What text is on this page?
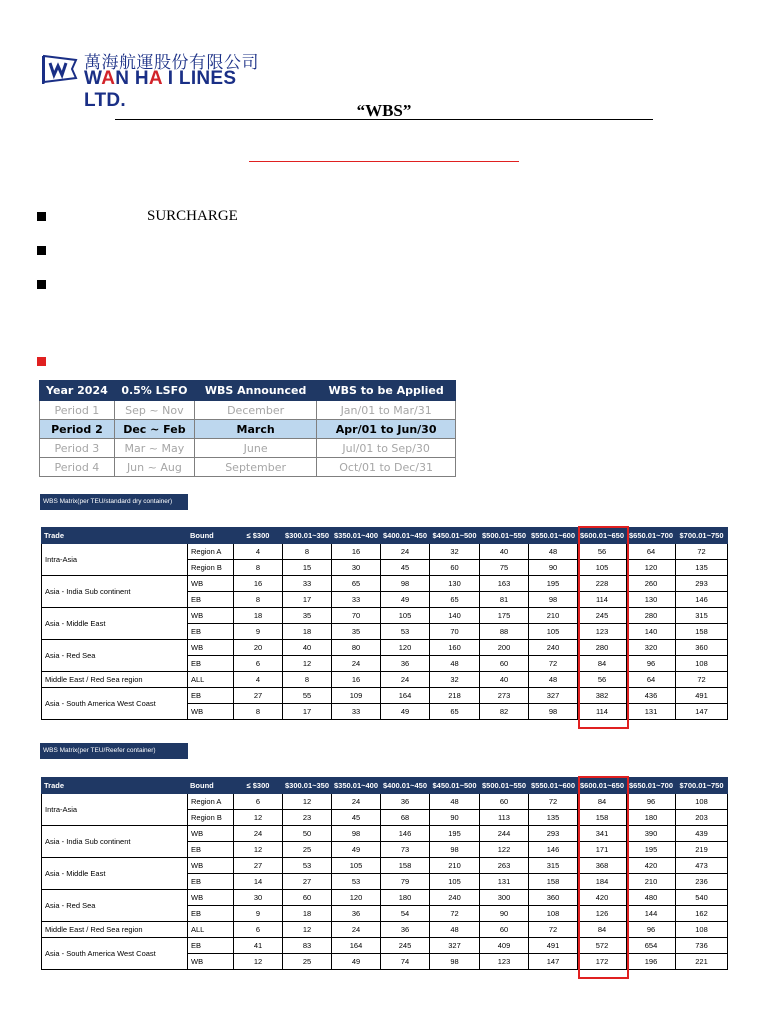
萬海航運股份有限公司
WAN HA I LINES LTD.	“WBS”
SURCHARGE
Year 2024	0.5% LSFO	WBS Announced	WBS to be Applied
Period 1	Sep ~ Nov	December	Jan/01 to Mar/31
Period 2	Dec ~ Feb	March	Apr/01 to Jun/30
Period 3	Mar ~ May	June	Jul/01 to Sep/30
Period 4	Jun ~ Aug	September	Oct/01 to Dec/31
WBS Matrix(per TEU/standard dry container)
Trade	Bound	≤ $300	$300.01~350	$350.01~400	$400.01~450	$450.01~500	$500.01~550	$550.01~600	$600.01~650	$650.01~700	$700.01~750
Intra-Asia	Region A	4	8	16	24	32	40	48	56	64	72
	Region B	8	15	30	45	60	75	90	105	120	135
Asia - India Sub continent	WB	16	33	65	98	130	163	195	228	260	293
	EB	8	17	33	49	65	81	98	114	130	146
Asia - Middle East	WB	18	35	70	105	140	175	210	245	280	315
	EB	9	18	35	53	70	88	105	123	140	158
Asia - Red Sea	WB	20	40	80	120	160	200	240	280	320	360
	EB	6	12	24	36	48	60	72	84	96	108
Middle East / Red Sea region	ALL	4	8	16	24	32	40	48	56	64	72
Asia - South America West Coast	EB	27	55	109	164	218	273	327	382	436	491
	WB	8	17	33	49	65	82	98	114	131	147
WBS Matrix(per TEU/Reefer container)
Trade	Bound	≤ $300	$300.01~350	$350.01~400	$400.01~450	$450.01~500	$500.01~550	$550.01~600	$600.01~650	$650.01~700	$700.01~750
Intra-Asia	Region A	6	12	24	36	48	60	72	84	96	108
	Region B	12	23	45	68	90	113	135	158	180	203
Asia - India Sub continent	WB	24	50	98	146	195	244	293	341	390	439
	EB	12	25	49	73	98	122	146	171	195	219
Asia - Middle East	WB	27	53	105	158	210	263	315	368	420	473
	EB	14	27	53	79	105	131	158	184	210	236
Asia - Red Sea	WB	30	60	120	180	240	300	360	420	480	540
	EB	9	18	36	54	72	90	108	126	144	162
Middle East / Red Sea region	ALL	6	12	24	36	48	60	72	84	96	108
Asia - South America West Coast	EB	41	83	164	245	327	409	491	572	654	736
	WB	12	25	49	74	98	123	147	172	196	221
